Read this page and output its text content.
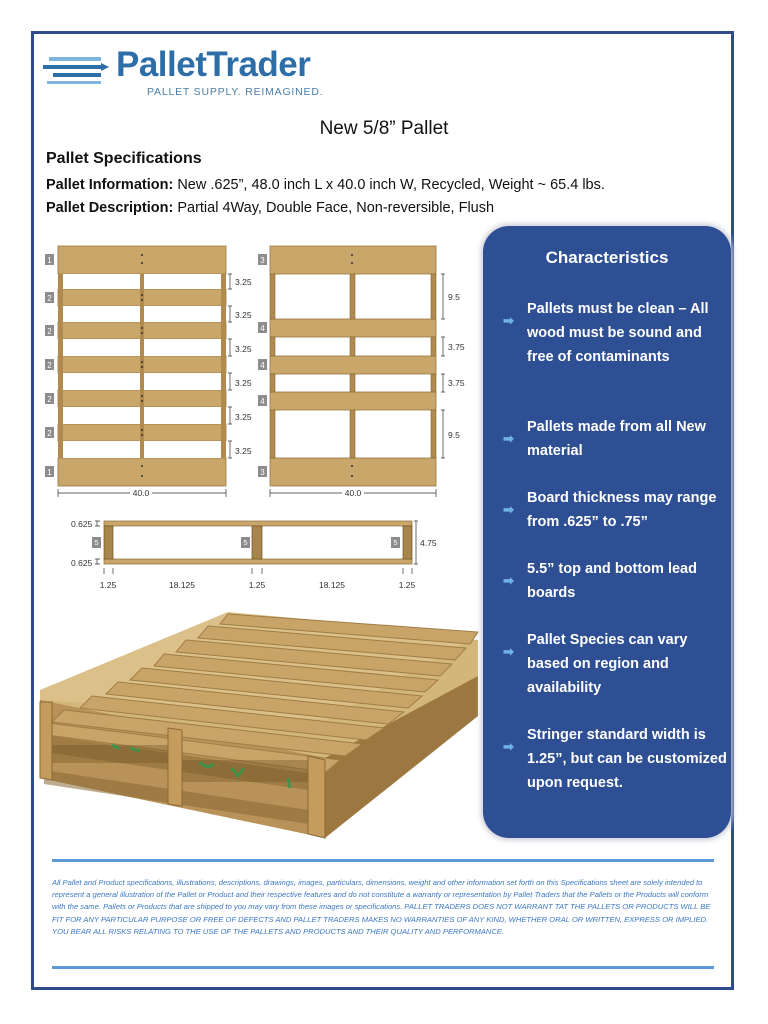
PalletTrader
PALLET SUPPLY. REIMAGINED.
New 5/8” Pallet
Pallet Specifications
Pallet Information: New .625”, 48.0 inch L x 40.0 inch W, Recycled, Weight ~ 65.4 lbs.
Pallet Description: Partial 4Way, Double Face, Non-reversible, Flush
1
2
2
2
2
2
1
3.25
3.25
3.25
3.25
3.25
3.25
40.0
3
4
4
4
3
9.5
3.75
3.75
9.5
40.0
5	5	5
0.625
0.625
4.75
1.25	18.125	1.25	18.125	1.25
Characteristics
➡
Pallets must be clean – All wood must be sound and free of contaminants
➡
Pallets made from all New material
➡
Board thickness may range from .625” to .75”
➡
5.5” top and bottom lead boards
➡
Pallet Species can vary based on region and availability
➡
Stringer standard width is 1.25”, but can be customized upon request.
All Pallet and Product specifications, illustrations, descriptions, drawings, images, particulars, dimensions, weight and other information set forth on this Specifications sheet are solely intended to represent a general illustration of the Pallet or Product and their respective features and do not constitute a warranty or representation by Pallet Traders that the Pallets or the Products will conform with the same. Pallets or Products that are shipped to you may vary from these images or specifications. PALLET TRADERS DOES NOT WARRANT TAT THE PALLETS OR PRODUCTS WILL BE FIT FOR ANY PARTICULAR PURPOSE OR FREE OF DEFECTS AND PALLET TRADERS MAKES NO WARRANTIES OF ANY KIND, WHETHER ORAL OR WRITTEN, EXPRESS OR IMPLIED. YOU BEAR ALL RISKS RELATING TO THE USE OF THE PALLETS AND PRODUCTS AND THEIR QUALITY AND PERFORMANCE.
